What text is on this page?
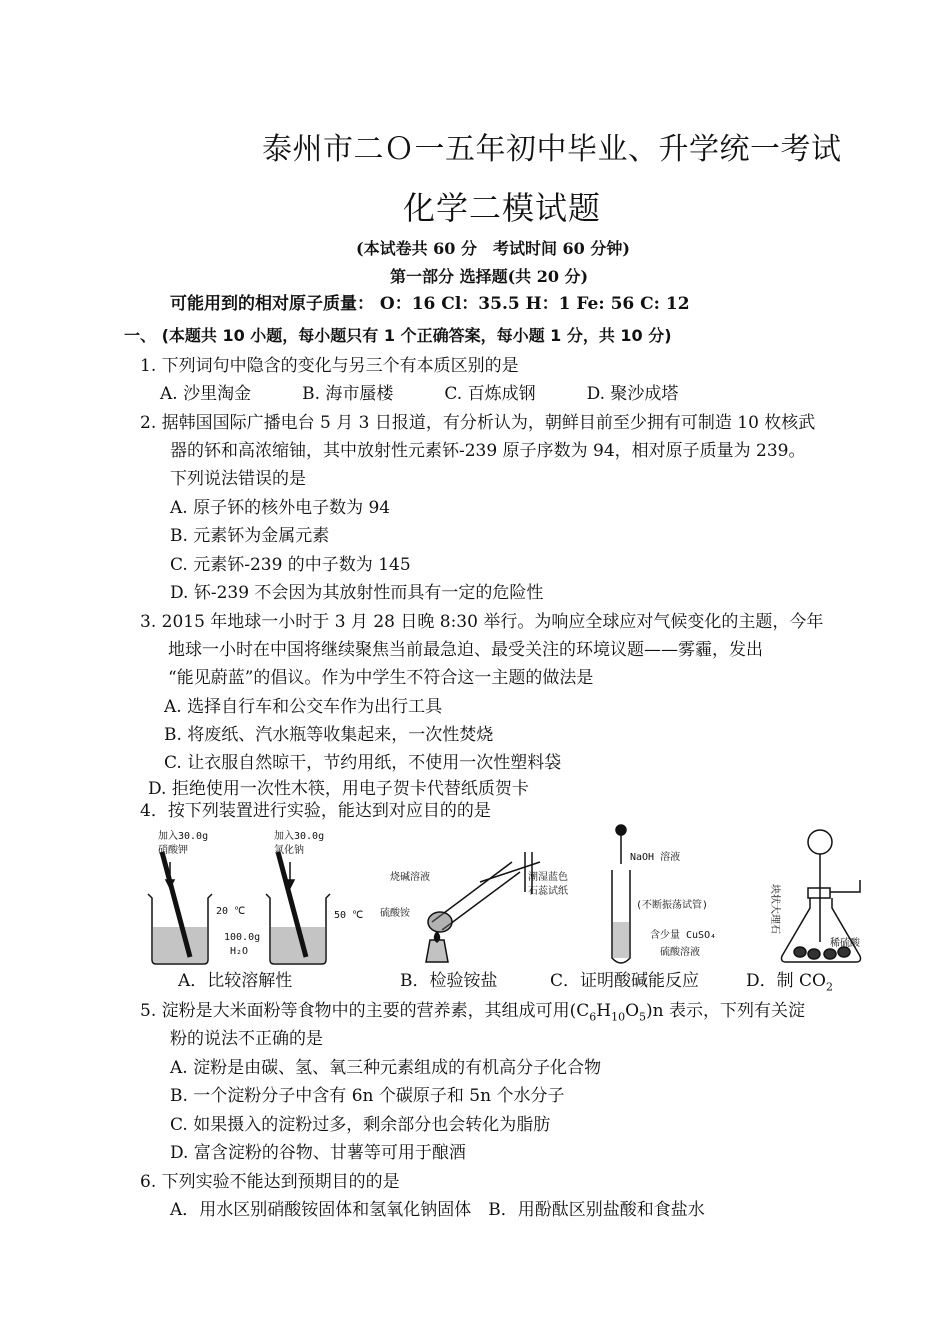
泰州市二Ｏ一五年初中毕业、升学统一考试
化学二模试题
(本试卷共 60 分　考试时间 60 分钟)
第一部分 选择题(共 20 分)
可能用到的相对原子质量： O：16 Cl：35.5 H：1 Fe: 56 C: 12
一、 (本题共 10 小题，每小题只有 1 个正确答案，每小题 1 分，共 10 分)
1. 下列词句中隐含的变化与另三个有本质区别的是
A. 沙里淘金　　　B. 海市蜃楼　　　C. 百炼成钢　　　D. 聚沙成塔
2. 据韩国国际广播电台 5 月 3 日报道，有分析认为，朝鲜目前至少拥有可制造 10 枚核武
器的钚和高浓缩铀，其中放射性元素钚-239 原子序数为 94，相对原子质量为 239。
下列说法错误的是
A. 原子钚的核外电子数为 94
B. 元素钚为金属元素
C. 元素钚-239 的中子数为 145
D. 钚-239 不会因为其放射性而具有一定的危险性
3. 2015 年地球一小时于 3 月 28 日晚 8:30 举行。为响应全球应对气候变化的主题，今年
地球一小时在中国将继续聚焦当前最急迫、最受关注的环境议题——雾霾，发出
“能见蔚蓝”的倡议。作为中学生不符合这一主题的做法是
A. 选择自行车和公交车作为出行工具
B. 将废纸、汽水瓶等收集起来，一次性焚烧
C. 让衣服自然晾干，节约用纸，不使用一次性塑料袋
D. 拒绝使用一次性木筷，用电子贺卡代替纸质贺卡
4．按下列装置进行实验，能达到对应目的的是
加入30.0g
硝酸钾
20 ℃
加入30.0g
氯化钠
50 ℃
100.0g
H₂O
烧碱溶液
硫酸铵
潮湿蓝色
石蕊试纸
NaOH 溶液
(不断振荡试管)
含少量 CuSO₄
硫酸溶液
块状大理石
稀硫酸
A．比较溶解性	B．检验铵盐	C．证明酸碱能反应	D．制 $CO_2$
5. 淀粉是大米面粉等食物中的主要的营养素，其组成可用$(C_6H_{10}O_5)n$ 表示，下列有关淀
粉的说法不正确的是
A. 淀粉是由碳、氢、氧三种元素组成的有机高分子化合物
B. 一个淀粉分子中含有 6n 个碳原子和 5n 个水分子
C. 如果摄入的淀粉过多，剩余部分也会转化为脂肪
D. 富含淀粉的谷物、甘薯等可用于酿酒
6. 下列实验不能达到预期目的的是
A．用水区别硝酸铵固体和氢氧化钠固体　B．用酚酞区别盐酸和食盐水
